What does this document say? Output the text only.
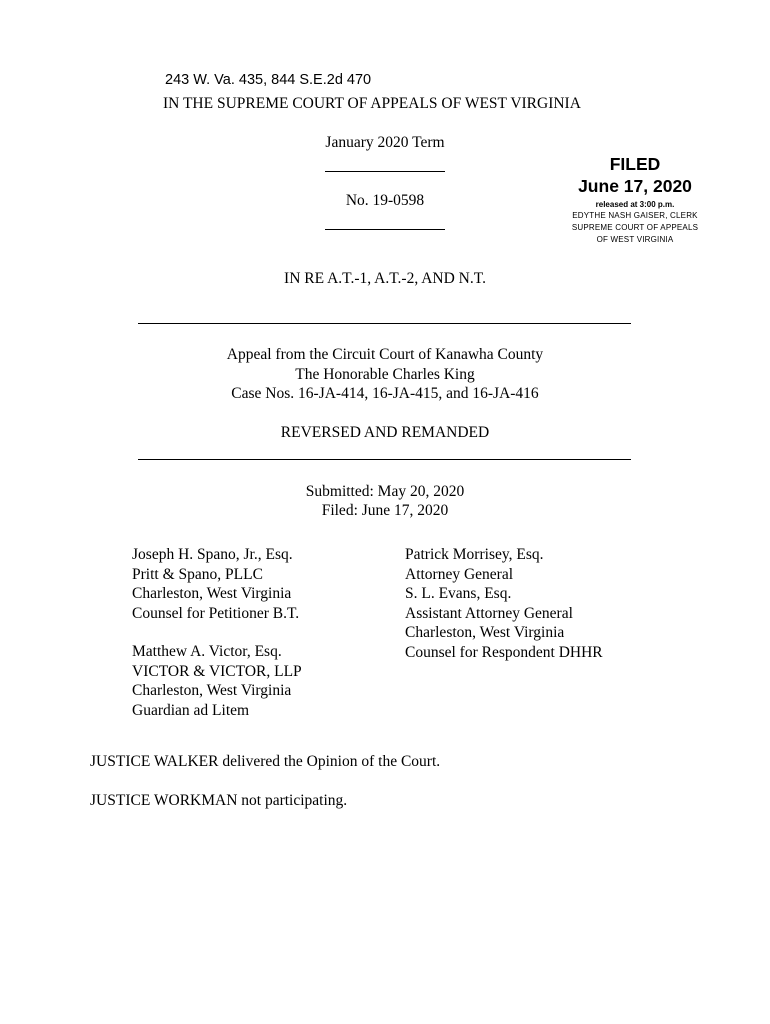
243 W. Va. 435, 844 S.E.2d 470
IN THE SUPREME COURT OF APPEALS OF WEST VIRGINIA
January 2020 Term
No. 19-0598
FILED
June 17, 2020
released at 3:00 p.m.
EDYTHE NASH GAISER, CLERK
SUPREME COURT OF APPEALS
OF WEST VIRGINIA
IN RE A.T.-1, A.T.-2, AND N.T.
Appeal from the Circuit Court of Kanawha County
The Honorable Charles King
Case Nos. 16-JA-414, 16-JA-415, and 16-JA-416
REVERSED AND REMANDED
Submitted: May 20, 2020
Filed: June 17, 2020
Joseph H. Spano, Jr., Esq.
Pritt & Spano, PLLC
Charleston, West Virginia
Counsel for Petitioner B.T.
Matthew A. Victor, Esq.
VICTOR & VICTOR, LLP
Charleston, West Virginia
Guardian ad Litem
Patrick Morrisey, Esq.
Attorney General
S. L. Evans, Esq.
Assistant Attorney General
Charleston, West Virginia
Counsel for Respondent DHHR
JUSTICE WALKER delivered the Opinion of the Court.
JUSTICE WORKMAN not participating.
